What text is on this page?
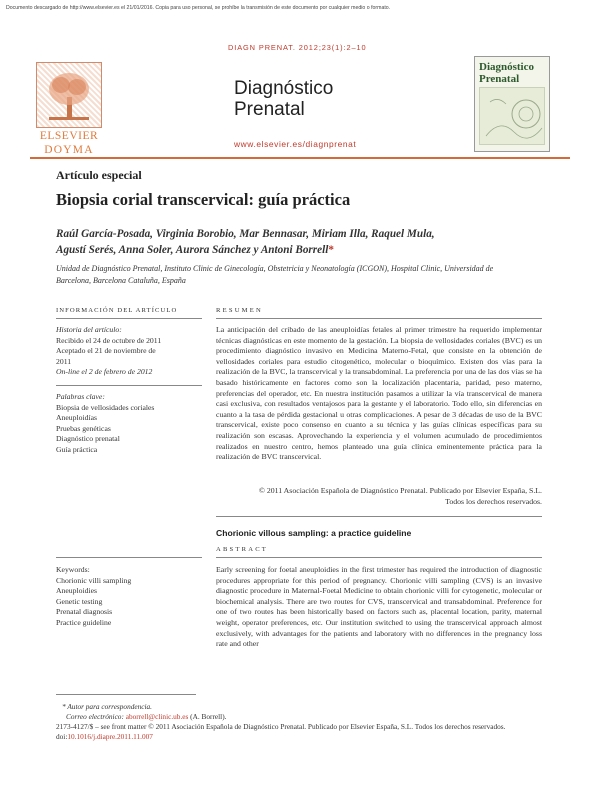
Documento descargado de http://www.elsevier.es el 21/01/2016. Copia para uso personal, se prohíbe la transmisión de este documento por cualquier medio o formato.
DIAGN PRENAT. 2012;23(1):2–10
ELSEVIER
DOYMA
Diagnóstico
Prenatal
www.elsevier.es/diagnprenat
Diagnóstico
Prenatal
Artículo especial
Biopsia corial transcervical: guía práctica
Raúl García-Posada, Virginia Borobio, Mar Bennasar, Miriam Illa, Raquel Mula,
Agustí Serés, Anna Soler, Aurora Sánchez y Antoni Borrell*
Unidad de Diagnóstico Prenatal, Instituto Clinic de Ginecología, Obstetricia y Neonatología (ICGON), Hospital Clinic, Universidad de
Barcelona, Barcelona Cataluña, España
INFORMACIÓN DEL ARTÍCULO	RESUMEN
Historia del artículo:
Recibido el 24 de octubre de 2011
Aceptado el 21 de noviembre de
2011
On-line el 2 de febrero de 2012
Palabras clave:
Biopsia de vellosidades coriales
Aneuploidías
Pruebas genéticas
Diagnóstico prenatal
Guía práctica
La anticipación del cribado de las aneuploidías fetales al primer trimestre ha requerido implementar técnicas diagnósticas en este momento de la gestación. La biopsia de vellosidades coriales (BVC) es un procedimiento diagnóstico invasivo en Medicina Materno-Fetal, que consiste en la obtención de vellosidades coriales para estudio citogenético, molecular o bioquímico. Existen dos vías para la realización de la BVC, la transcervical y la transabdominal. La preferencia por una de las dos vías se ha basado históricamente en factores como son la localización placentaria, paridad, peso materno, preferencias del operador, etc. En nuestra institución pasamos a utilizar la vía transcervical de manera casi exclusiva, con resultados ventajosos para la gestante y el laboratorio. Todo ello, sin diferencias en cuanto a la tasa de pérdida gestacional u otras complicaciones. A pesar de 3 décadas de uso de la BVC transcervical, existe poco consenso en cuanto a su técnica y las guías clínicas específicas para su realización son escasas. Aprovechando la experiencia y el volumen acumulado de procedimientos realizados en nuestro centro, hemos planteado una guía clínica eminentemente práctica para la realización de BVC transcervical.
© 2011 Asociación Española de Diagnóstico Prenatal. Publicado por Elsevier España, S.L.
Todos los derechos reservados.
Chorionic villous sampling: a practice guideline
ABSTRACT
Keywords:
Chorionic villi sampling
Aneuploidies
Genetic testing
Prenatal diagnosis
Practice guideline
Early screening for foetal aneuploidies in the first trimester has required the introduction of diagnostic procedures appropriate for this period of pregnancy. Chorionic villi sampling (CVS) is an invasive diagnostic procedure in Maternal-Foetal Medicine to obtain chorionic villi for cytogenetic, molecular or biochemical analysis. There are two routes for CVS, transcervical and transabdominal. Preference for one of two routes has been historically based on factors such as, placental location, parity, maternal weight, operator preferences, etc. Our institution switched to using the transcervical approach almost exclusively, with advantages for the patients and laboratory with no differences in the pregnancy loss rate and other
* Autor para correspondencia.
Correo electrónico: aborrell@clinic.ub.es (A. Borrell).
2173-4127/$ – see front matter © 2011 Asociación Española de Diagnóstico Prenatal. Publicado por Elsevier España, S.L. Todos los derechos reservados.
doi:10.1016/j.diapre.2011.11.007
